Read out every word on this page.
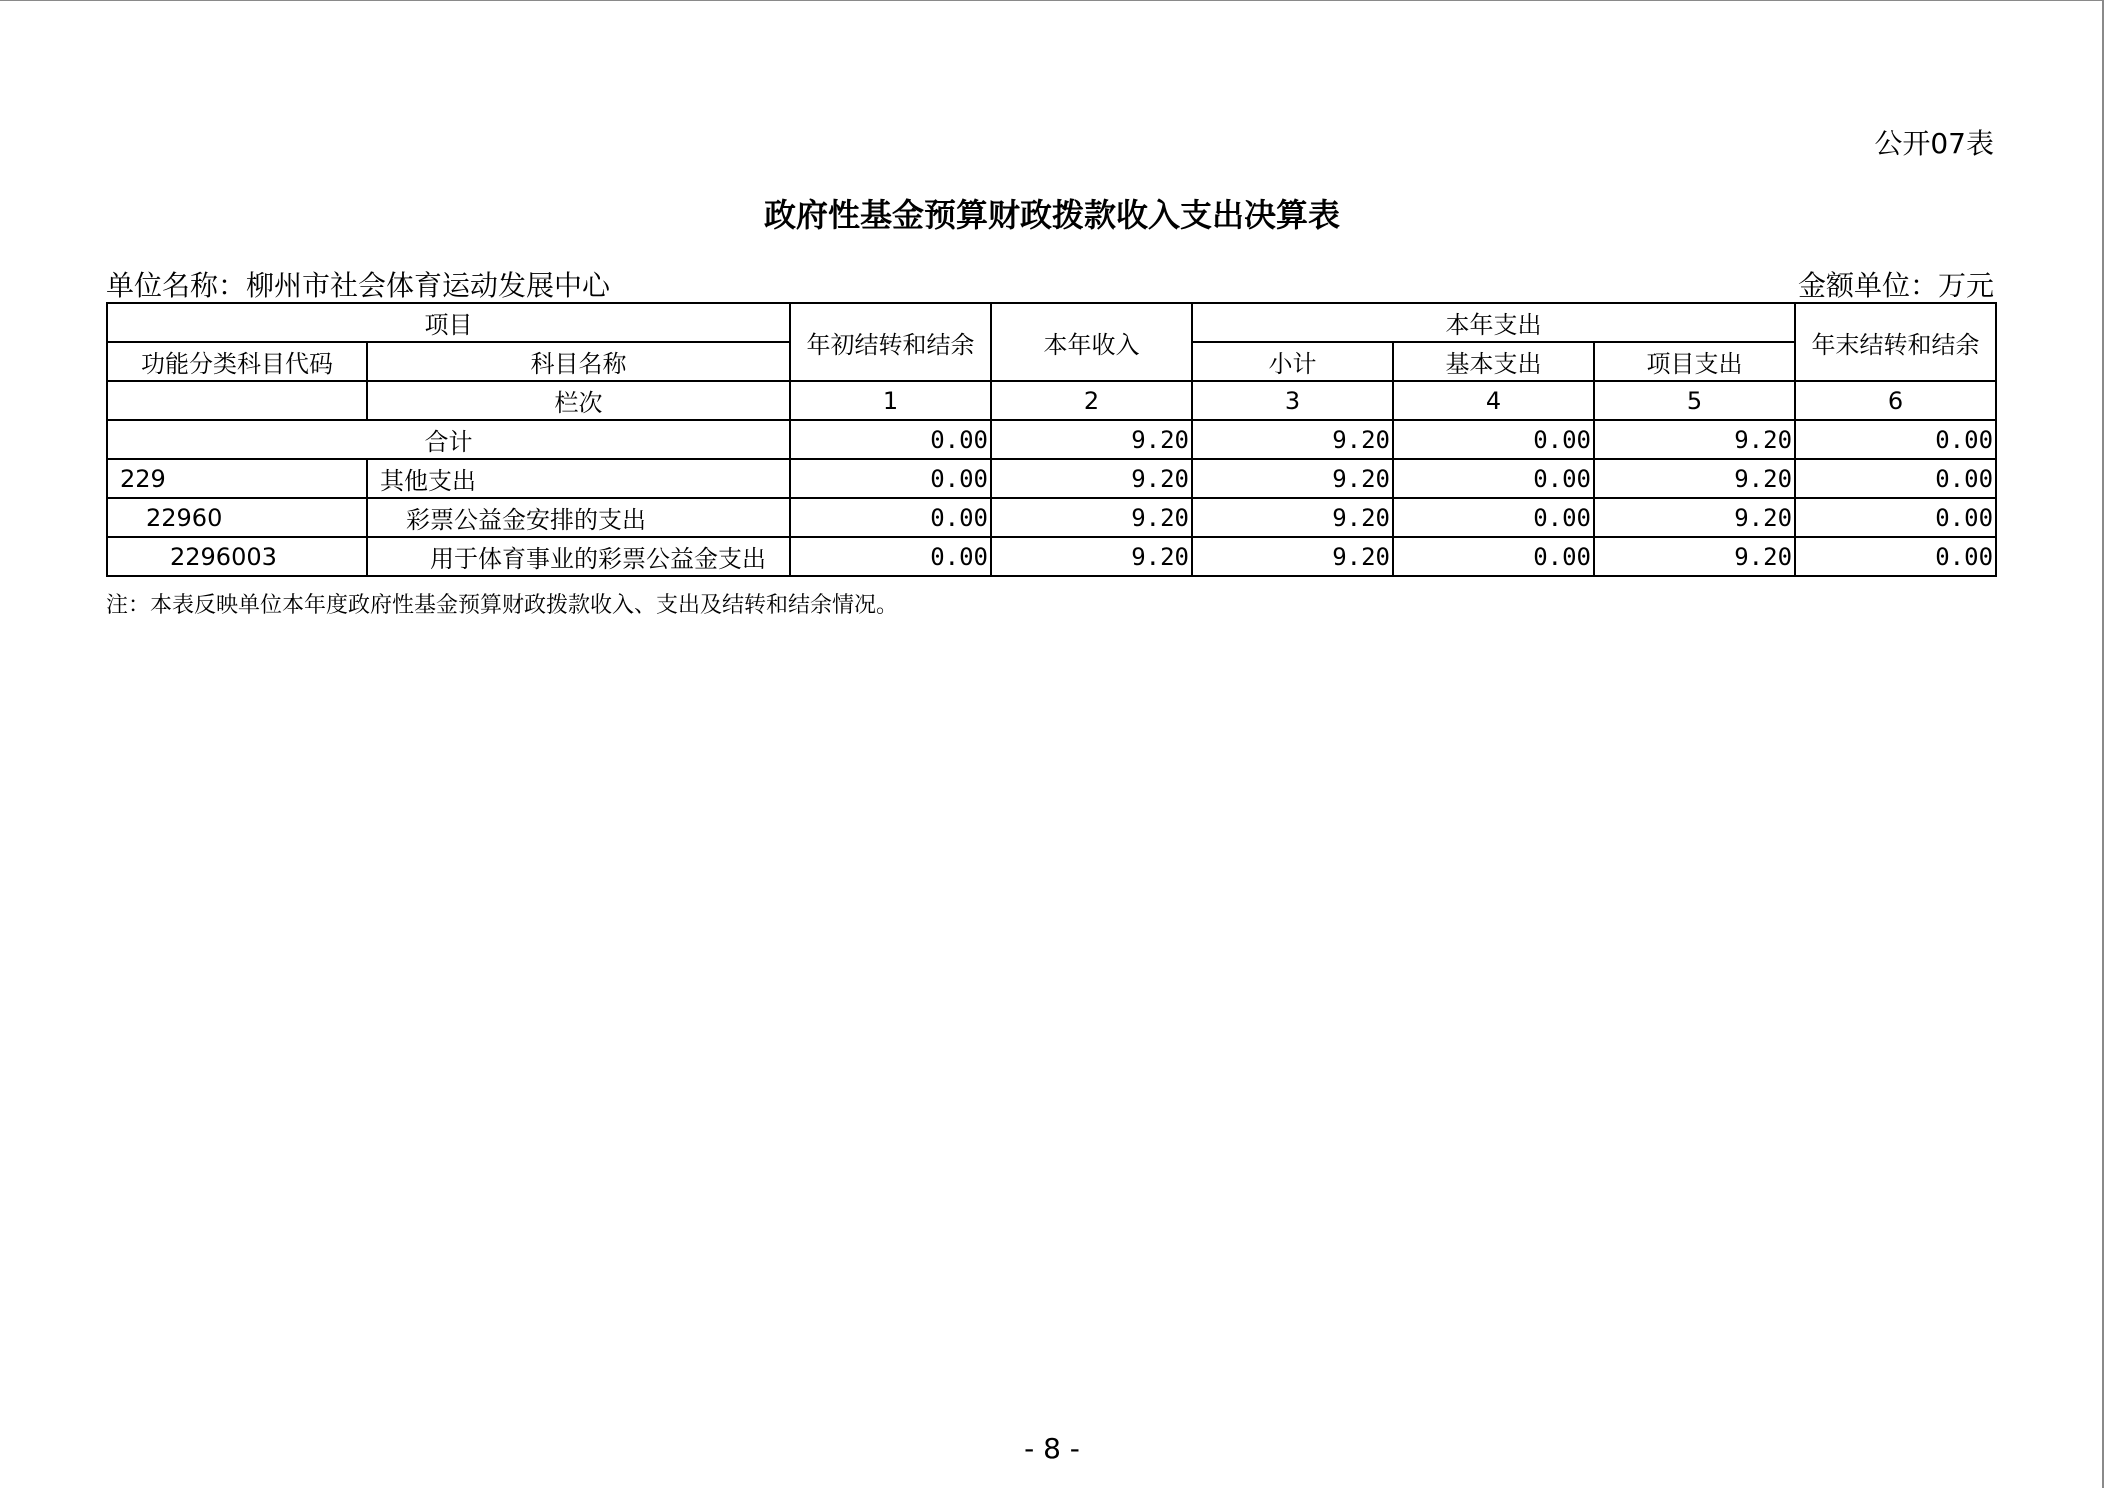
公开07表
政府性基金预算财政拨款收入支出决算表
单位名称：柳州市社会体育运动发展中心	金额单位：万元
项目		年初结转和结余	本年收入	本年支出			年末结转和结余
功能分类科目代码	科目名称			小计	基本支出	项目支出	
	栏次	1	2	3	4	5	6
合计		0.00	9.20	9.20	0.00	9.20	0.00
229	其他支出	0.00	9.20	9.20	0.00	9.20	0.00
22960	彩票公益金安排的支出	0.00	9.20	9.20	0.00	9.20	0.00
2296003	用于体育事业的彩票公益金支出	0.00	9.20	9.20	0.00	9.20	0.00
注：本表反映单位本年度政府性基金预算财政拨款收入、支出及结转和结余情况。
- 8 -
